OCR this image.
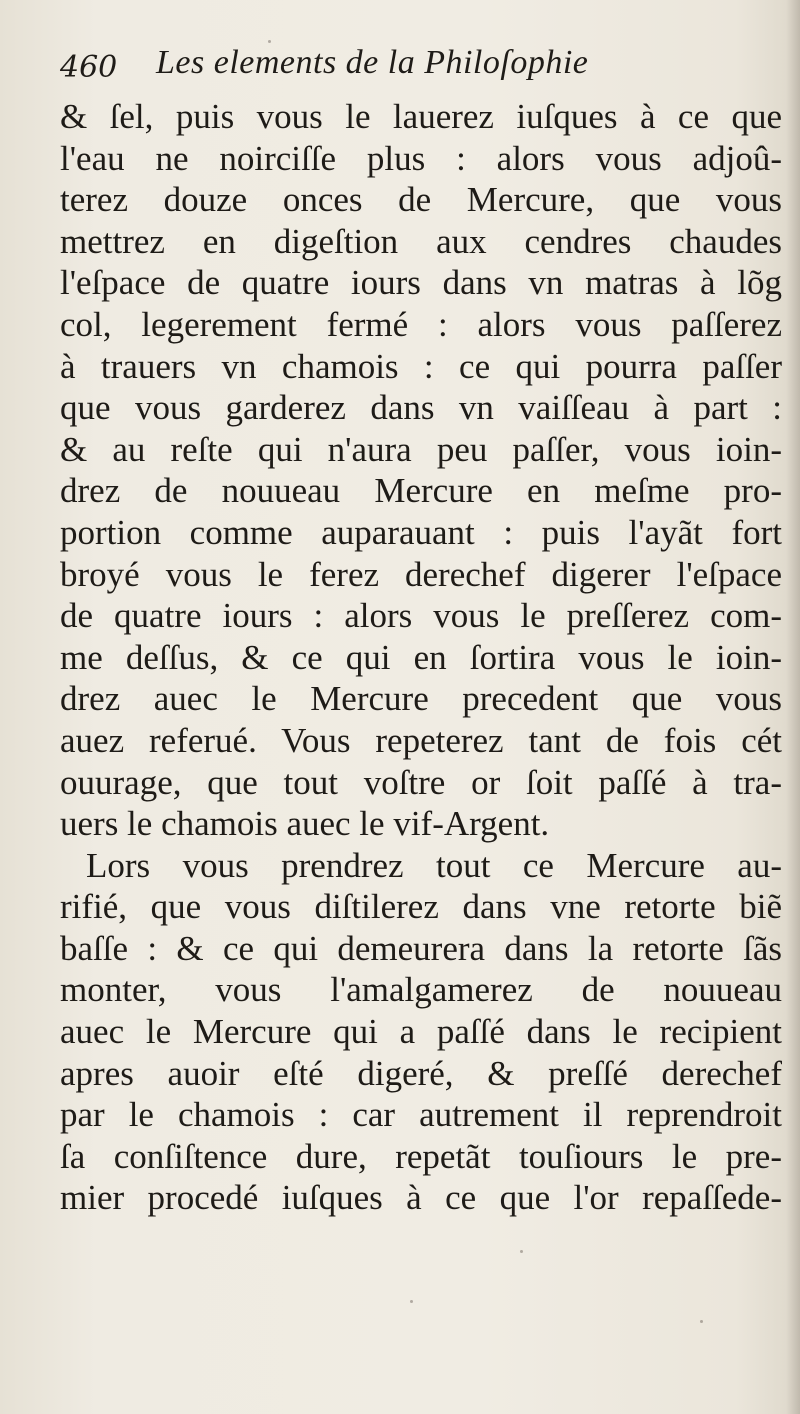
460 Les elements de la Philoſophie
& ſel, puis vous le lauerez iuſques à ce que
l'eau ne noirciſſe plus : alors vous adjoû-
terez douze onces de Mercure, que vous
mettrez en digeſtion aux cendres chaudes
l'eſpace de quatre iours dans vn matras à lõg
col, legerement fermé : alors vous paſſerez
à trauers vn chamois : ce qui pourra paſſer
que vous garderez dans vn vaiſſeau à part :
& au reſte qui n'aura peu paſſer, vous ioin-
drez de nouueau Mercure en meſme pro-
portion comme auparauant : puis l'ayãt fort
broyé vous le ferez derechef digerer l'eſpace
de quatre iours : alors vous le preſſerez com-
me deſſus, & ce qui en ſortira vous le ioin-
drez auec le Mercure precedent que vous
auez referué. Vous repeterez tant de fois cét
ouurage, que tout voſtre or ſoit paſſé à tra-
uers le chamois auec le vif-Argent.
Lors vous prendrez tout ce Mercure au-
rifié, que vous diſtilerez dans vne retorte biẽ
baſſe : & ce qui demeurera dans la retorte ſãs
monter, vous l'amalgamerez de nouueau
auec le Mercure qui a paſſé dans le recipient
apres auoir eſté digeré, & preſſé derechef
par le chamois : car autrement il reprendroit
ſa conſiſtence dure, repetãt touſiours le pre-
mier procedé iuſques à ce que l'or repaſſede-
